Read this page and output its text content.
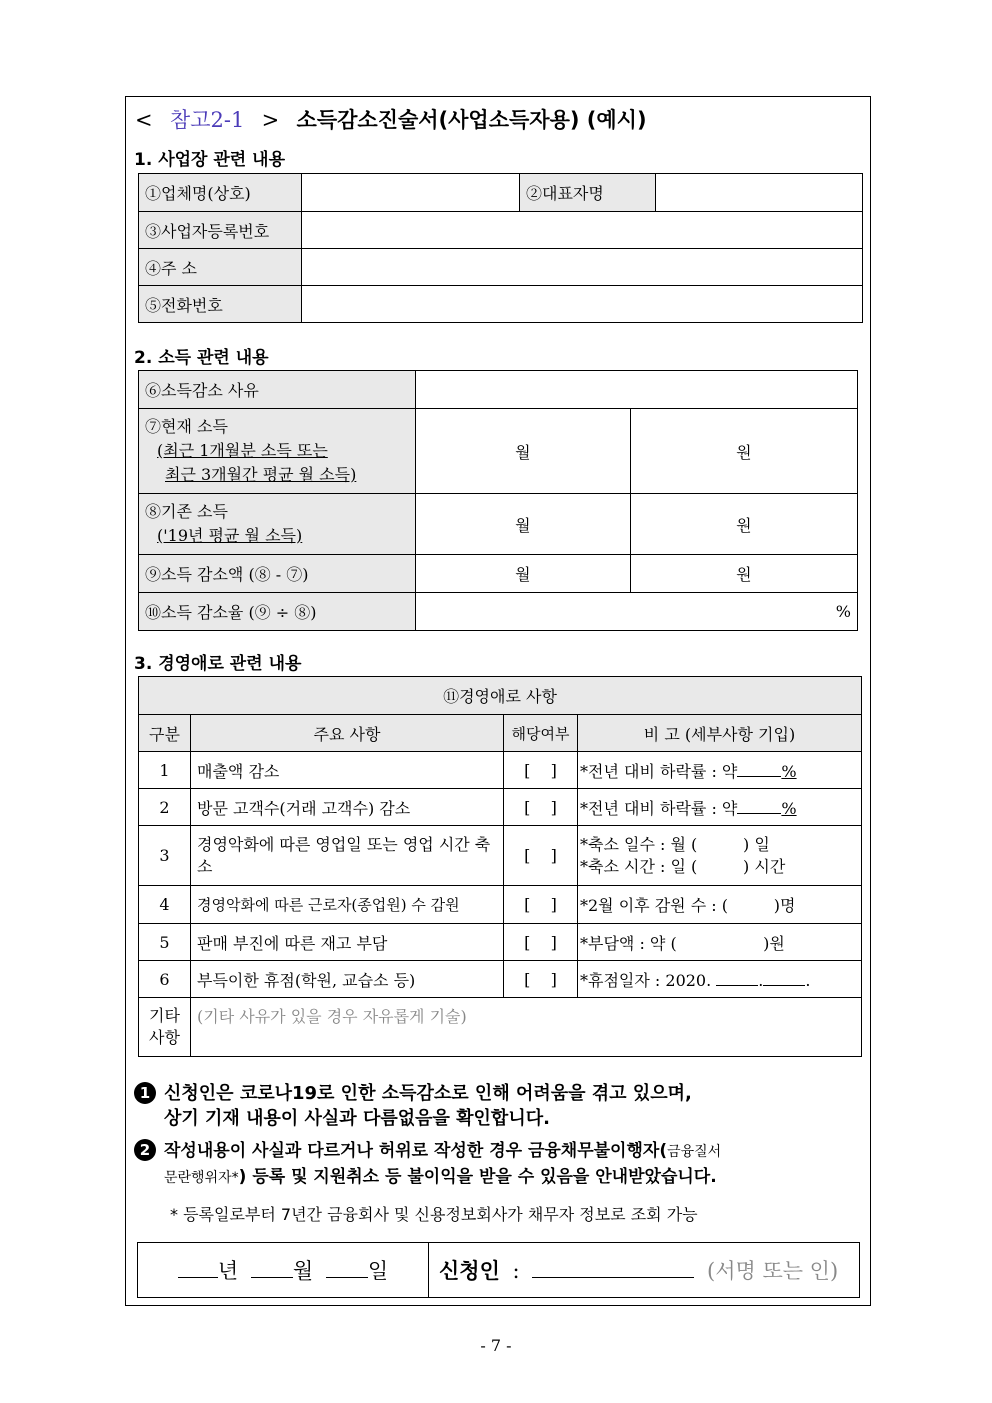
< 참고2-1 > 소득감소진술서(사업소득자용) (예시)
1. 사업장 관련 내용
①업체명(상호)		②대표자명	
③사업자등록번호			
④주 소			
⑤전화번호			
2. 소득 관련 내용
⑥소득감소 사유		

⑦현재 소득
(최근 1개월분 소득 또는
최근 3개월간 평균 월 소득)	월	원

⑧기존 소득
('19년 평균 월 소득)	월	원
⑨소득 감소액 (⑧ - ⑦)	월	원
⑩소득 감소율 (⑨ ÷ ⑧)	%	
3. 경영애로 관련 내용
⑪경영애로 사항			
구분	주요 사항	해당여부	비 고 (세부사항 기입)
1	매출액 감소	[    ]	*전년 대비 하락률 : 약 %
2	방문 고객수(거래 고객수) 감소	[    ]	*전년 대비 하락률 : 약 %
3	경영악화에 따른 영업일 또는 영업 시간 축소	[    ]	*축소 일수 : 월 (         ) 일
*축소 시간 : 일 (         ) 시간

4	경영악화에 따른 근로자(종업원) 수 감원	[    ]	*2월 이후 감원 수 : (         )명
5	판매 부진에 따른 재고 부담	[    ]	*부담액 : 약 (                 )원
6	부득이한 휴점(학원, 교습소 등)	[    ]	*휴점일자 : 2020. . .

기타
사항	(기타 사유가 있을 경우 자유롭게 기술)		
1 신청인은 코로나19로 인한 소득감소로 인해 어려움을 겪고 있으며,
상기 기재 내용이 사실과 다름없음을 확인합니다.
2 작성내용이 사실과 다르거나 허위로 작성한 경우 금융채무불이행자(금융질서
문란행위자*) 등록 및 지원취소 등 불이익을 받을 수 있음을 안내받았습니다.
* 등록일로부터 7년간 금융회사 및 신용정보회사가 채무자 정보로 조회 가능
년	월	일	신청인 :	(서명 또는 인)
- 7 -
